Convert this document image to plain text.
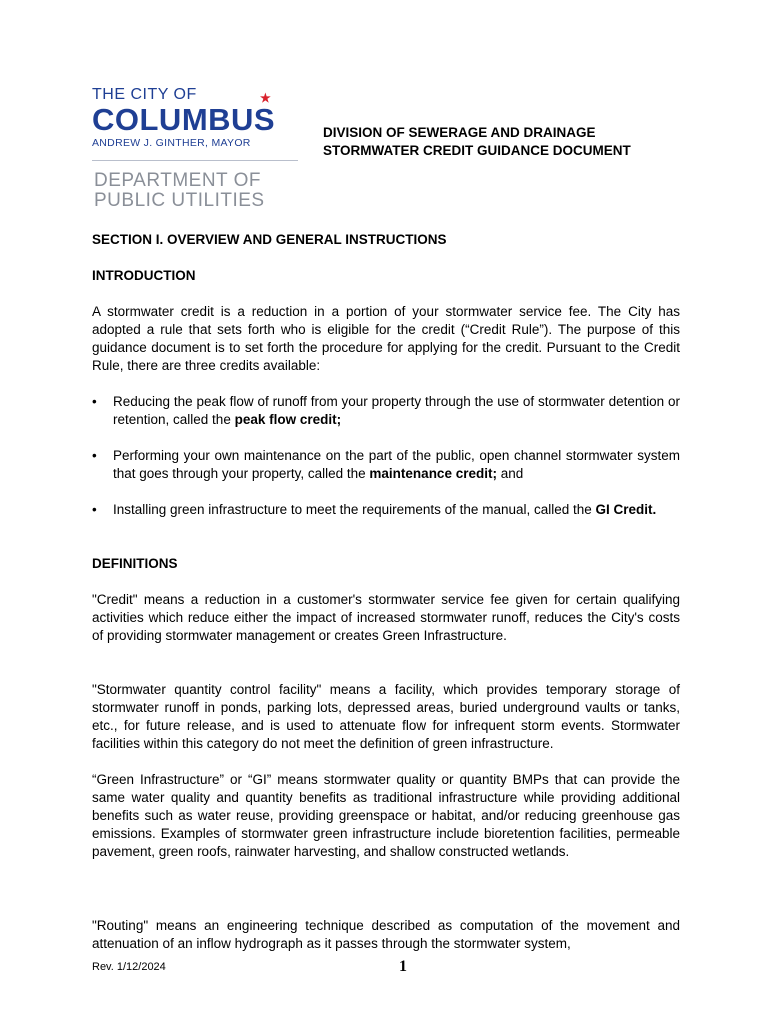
THE CITY OF
COLUMBUS
★
ANDREW J. GINTHER, MAYOR
DEPARTMENT OF
PUBLIC UTILITIES
DIVISION OF SEWERAGE AND DRAINAGE
STORMWATER CREDIT GUIDANCE DOCUMENT
SECTION I. OVERVIEW AND GENERAL INSTRUCTIONS
INTRODUCTION

A stormwater credit is a reduction in a portion of your stormwater service fee. The City has adopted a rule that sets forth who is eligible for the credit (“Credit Rule”). The purpose of this guidance document is to set forth the procedure for applying for the credit. Pursuant to the Credit Rule, there are three credits available:

•	Reducing the peak flow of runoff from your property through the use of stormwater detention or retention, called the peak flow credit;
•	Performing your own maintenance on the part of the public, open channel stormwater system that goes through your property, called the maintenance credit; and
•	Installing green infrastructure to meet the requirements of the manual, called the GI Credit.
DEFINITIONS

"Credit" means a reduction in a customer's stormwater service fee given for certain qualifying activities which reduce either the impact of increased stormwater runoff, reduces the City's costs of providing stormwater management or creates Green Infrastructure.

"Stormwater quantity control facility" means a facility, which provides temporary storage of stormwater runoff in ponds, parking lots, depressed areas, buried underground vaults or tanks, etc., for future release, and is used to attenuate flow for infrequent storm events. Stormwater facilities within this category do not meet the definition of green infrastructure.

“Green Infrastructure” or “GI” means stormwater quality or quantity BMPs that can provide the same water quality and quantity benefits as traditional infrastructure while providing additional benefits such as water reuse, providing greenspace or habitat, and/or reducing greenhouse gas emissions. Examples of stormwater green infrastructure include bioretention facilities, permeable pavement, green roofs, rainwater harvesting, and shallow constructed wetlands.

"Routing" means an engineering technique described as computation of the movement and attenuation of an inflow hydrograph as it passes through the stormwater system,

Rev. 1/12/2024	1
